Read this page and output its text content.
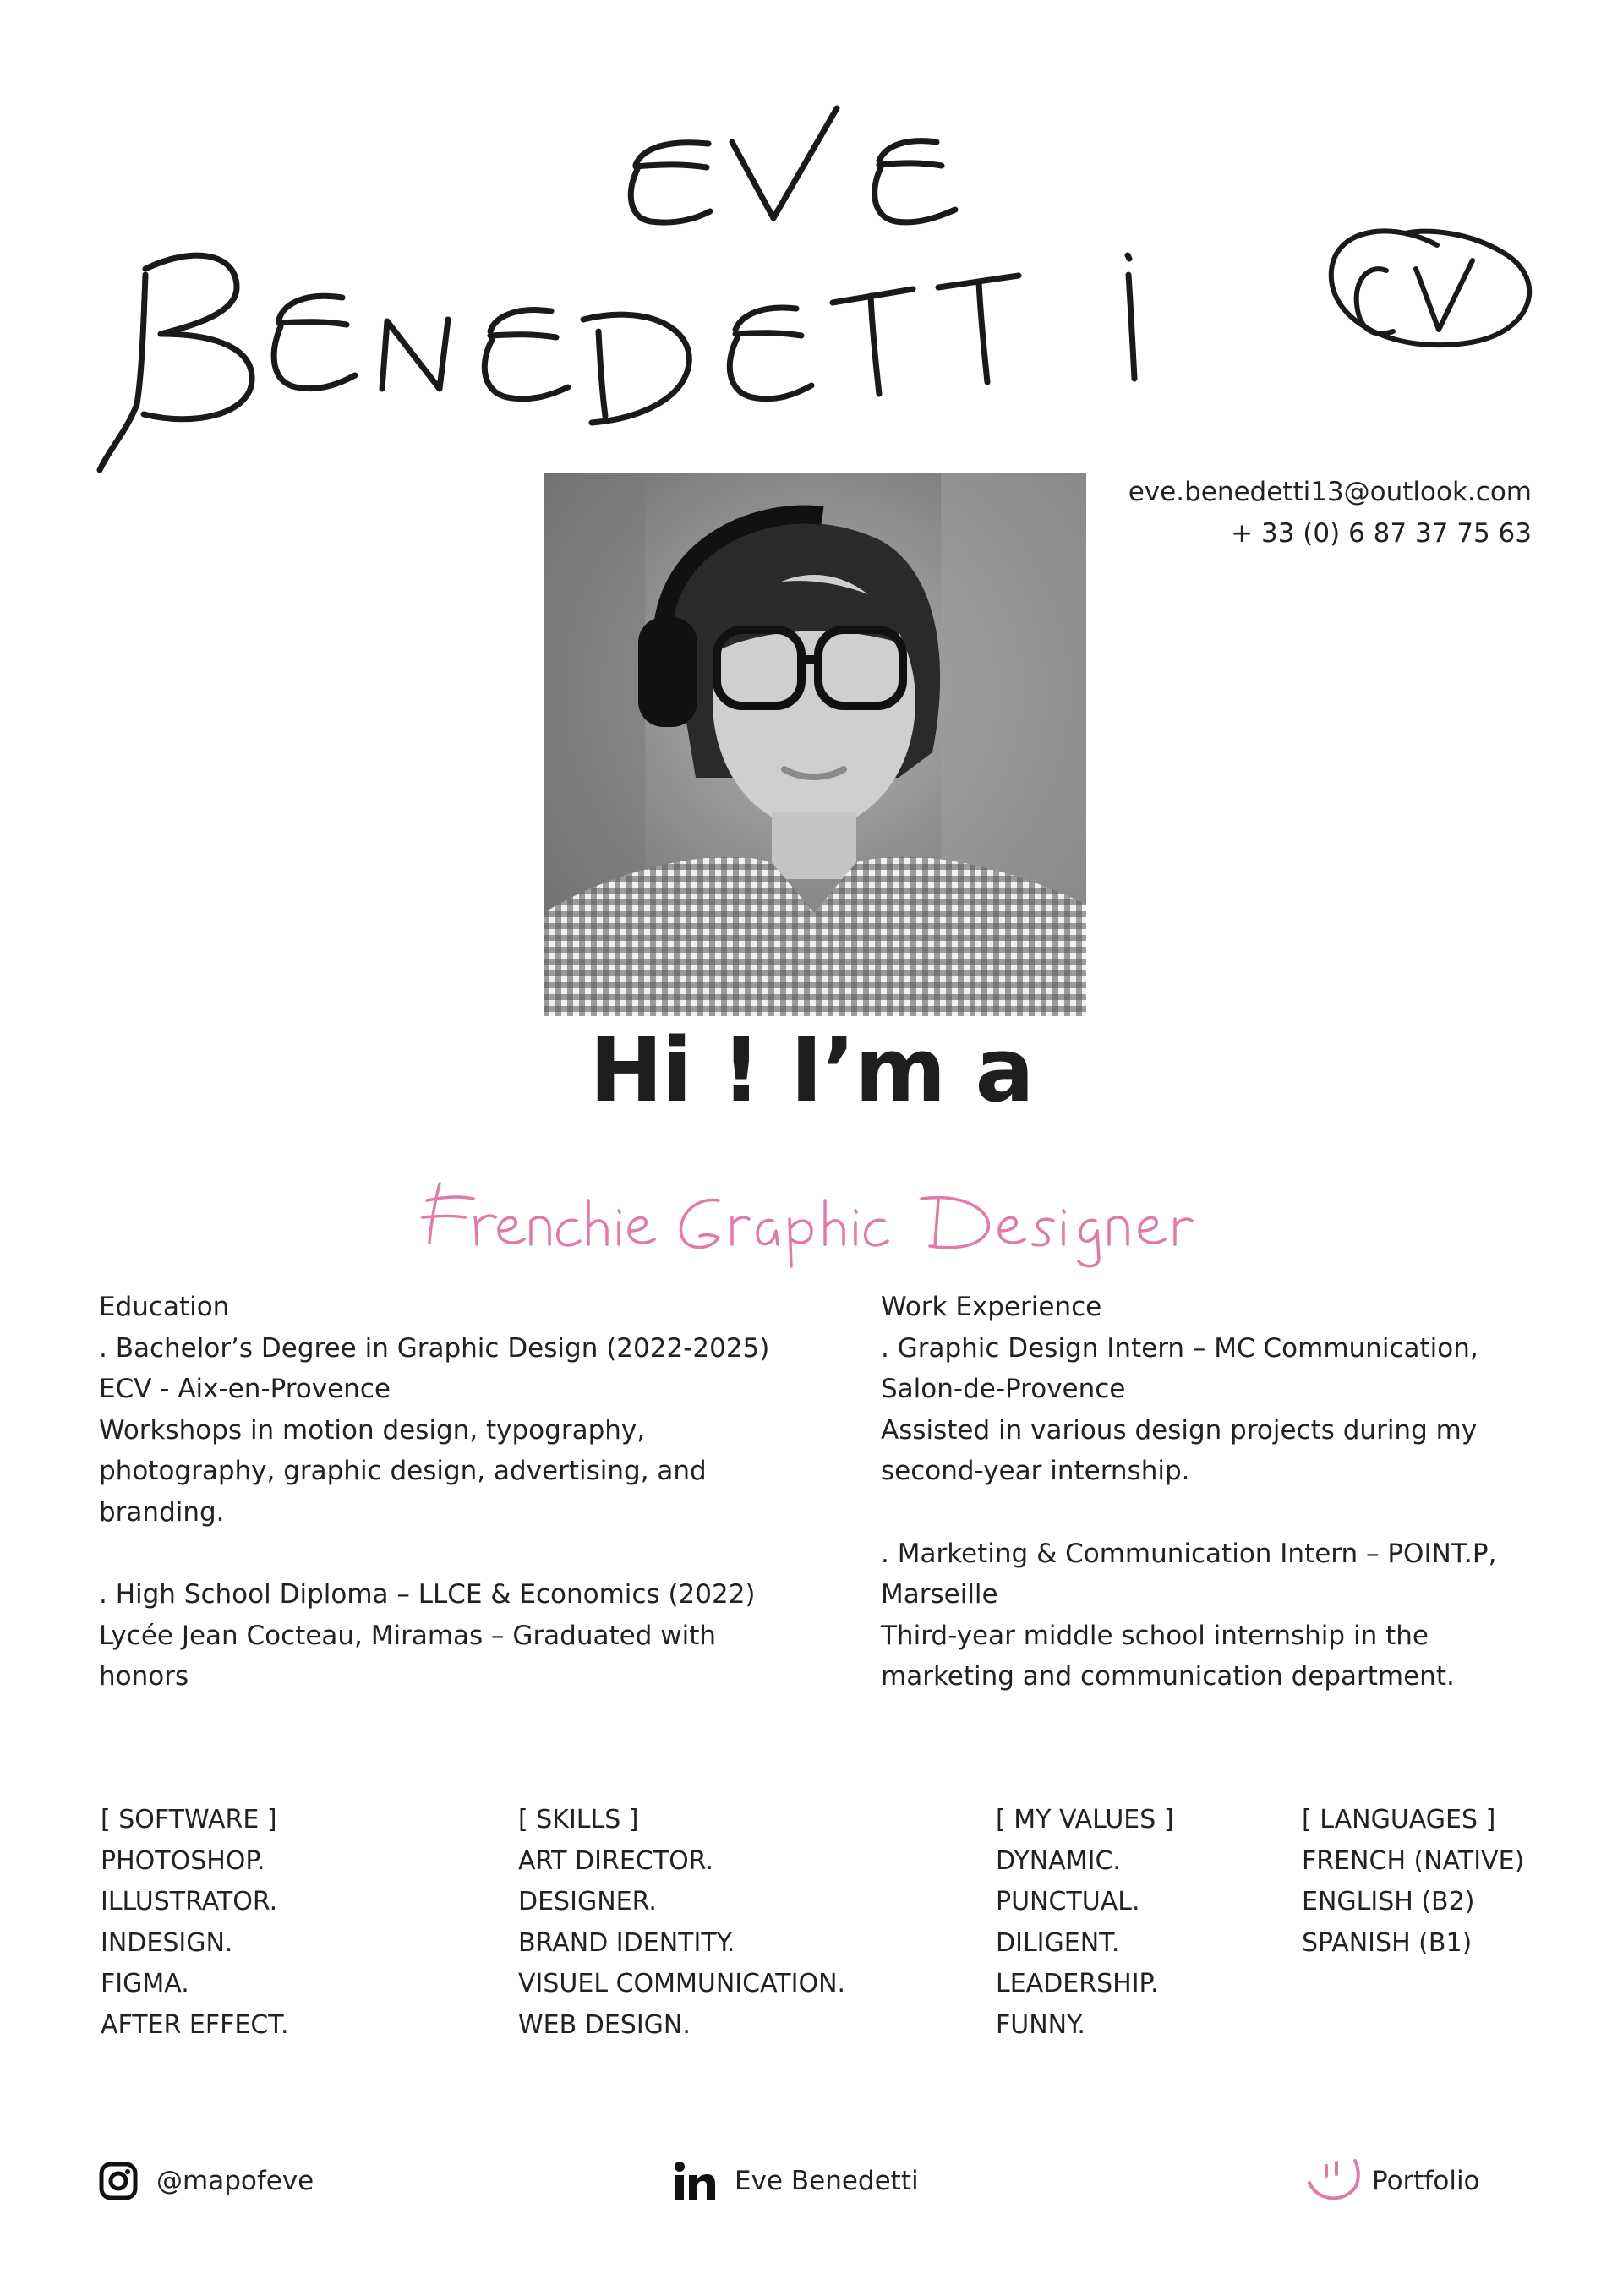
eve.benedetti13@outlook.com
+ 33 (0) 6 87 37 75 63
Hi ! I’m a

Education

. Bachelor’s Degree in Graphic Design (2022-2025)

ECV - Aix-en-Provence

Workshops in motion design, typography,

photography, graphic design, advertising, and

branding.

. High School Diploma – LLCE & Economics (2022)

Lycée Jean Cocteau, Miramas – Graduated with

honors

Work Experience

. Graphic Design Intern – MC Communication,

Salon-de-Provence

Assisted in various design projects during my

second-year internship.

. Marketing & Communication Intern – POINT.P,

Marseille

Third-year middle school internship in the

marketing and communication department.

[ SOFTWARE ]
PHOTOSHOP.
ILLUSTRATOR.
INDESIGN.
FIGMA.
AFTER EFFECT.
[ SKILLS ]
ART DIRECTOR.
DESIGNER.
BRAND IDENTITY.
VISUEL COMMUNICATION.
WEB DESIGN.
[ MY VALUES ]
DYNAMIC.
PUNCTUAL.
DILIGENT.
LEADERSHIP.
FUNNY.
[ LANGUAGES ]
FRENCH (NATIVE)
ENGLISH (B2)
SPANISH (B1)
@mapofeve	Eve Benedetti	Portfolio
